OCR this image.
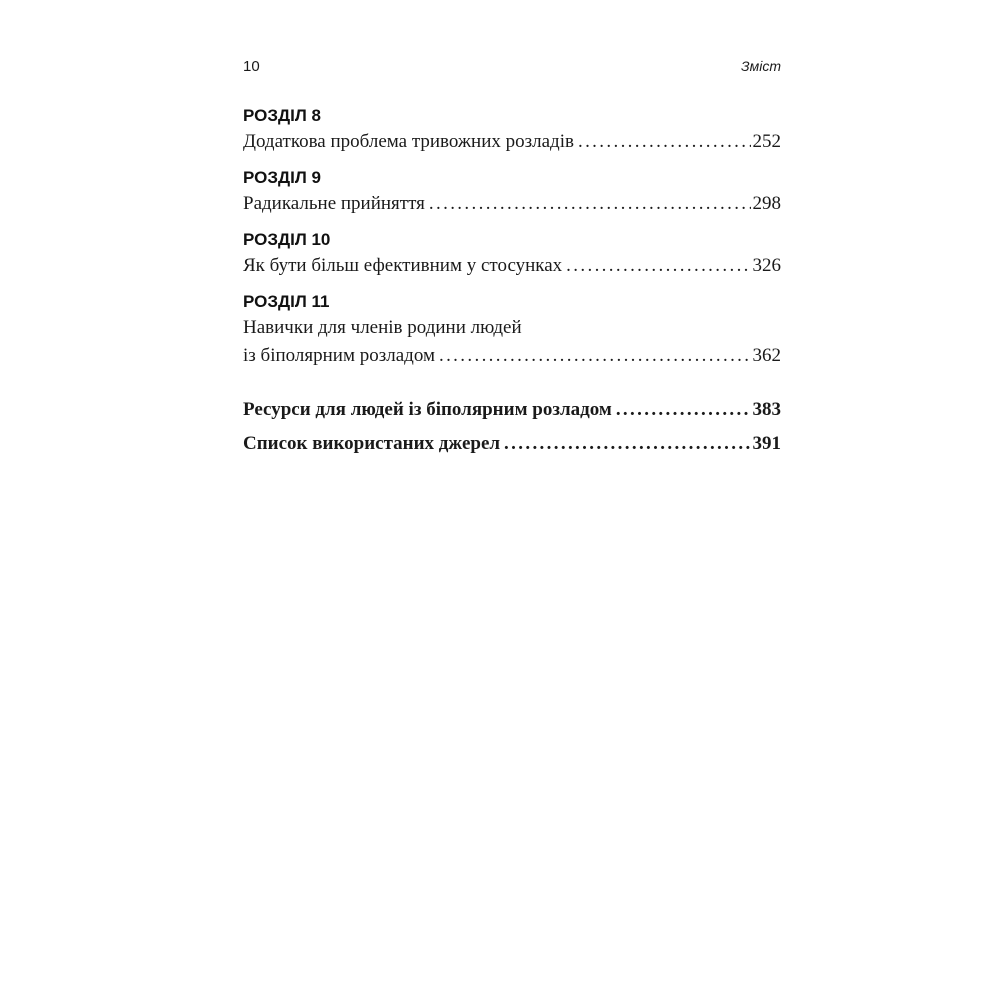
10	Зміст
РОЗДІЛ 8
Додаткова проблема тривожних розладів . . .	252
РОЗДІЛ 9
Радикальне прийняття . . .	298
РОЗДІЛ 10
Як бути більш ефективним у стосунках . . .	326
РОЗДІЛ 11
Навички для членів родини людей
із біполярним розладом . . .	362
Ресурси для людей із біполярним розладом . . .	383
Список використаних джерел . . .	391
